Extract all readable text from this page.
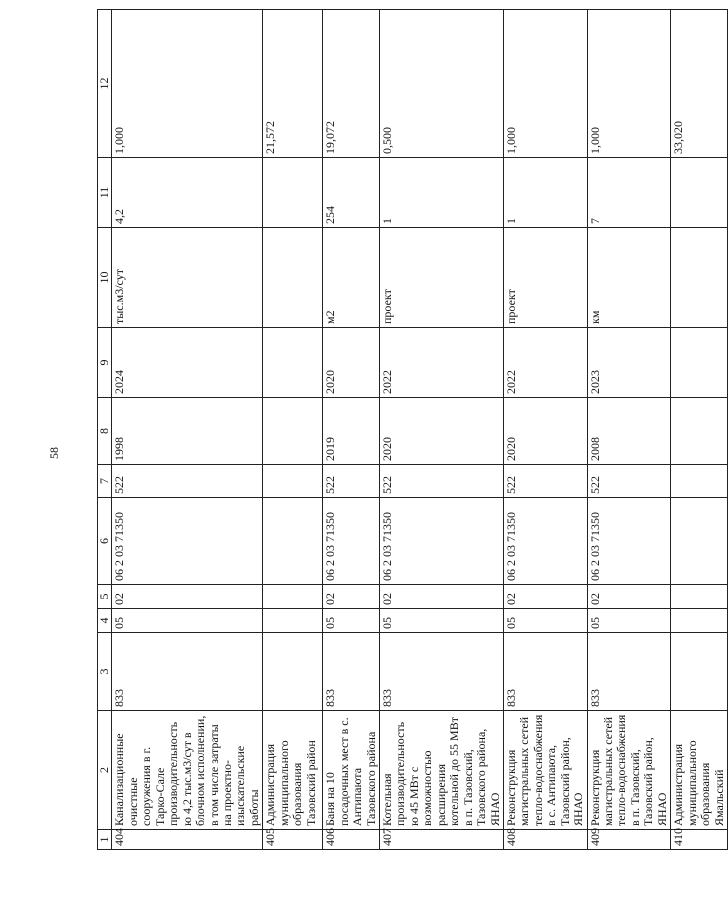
58
1	2	3	4	5	6	7	8	9	10	11	12
404	Канализационные очистные сооружения в г. Тарко-Сале производительностью 4,2 тыс.м3/сут в блочном исполнении, в том числе затраты на проектно-изыскательские работы	833	05	02	06 2 03 71350	522	1998	2024	тыс.м3/сут	4,2	1,000
405	Администрация муниципального образования Тазовский район										21,572
406	Баня на 10 посадочных мест в с. Антипаюта Тазовского района	833	05	02	06 2 03 71350	522	2019	2020	м2	254	19,072
407	Котельная производительностью 45 МВт с возможностью расширения котельной до 55 МВт в п. Тазовский, Тазовского района, ЯНАО	833	05	02	06 2 03 71350	522	2020	2022	проект	1	0,500
408	Реконструкция магистральных сетей тепло-водоснабжения в с. Антипаюта, Тазовский район, ЯНАО	833	05	02	06 2 03 71350	522	2020	2022	проект	1	1,000
409	Реконструкция магистральных сетей тепло-водоснабжения в п. Тазовский, Тазовский район, ЯНАО	833	05	02	06 2 03 71350	522	2008	2023	км	7	1,000
410	Администрация муниципального образования Ямальский										33,020
